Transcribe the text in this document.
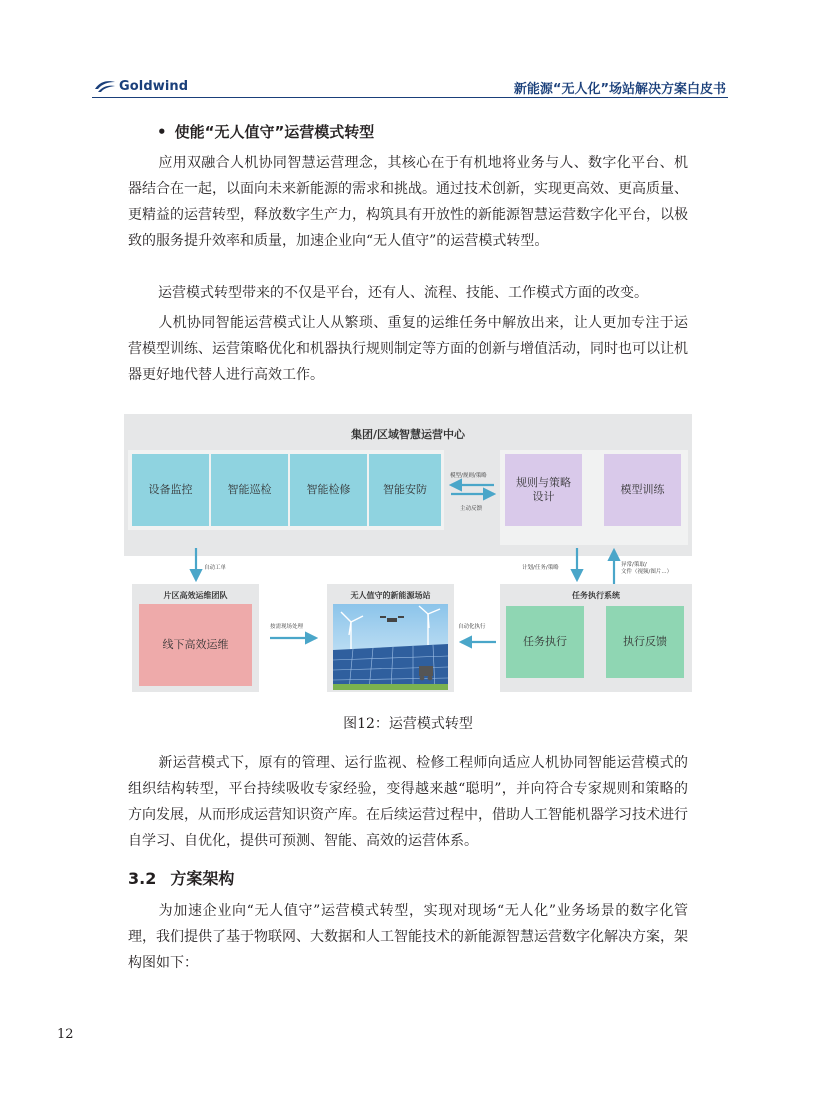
Goldwind	新能源“无人化”场站解决方案白皮书
• 使能“无人值守”运营模式转型

应用双融合人机协同智慧运营理念，其核心在于有机地将业务与人、数字化平台、机器结合在一起，以面向未来新能源的需求和挑战。通过技术创新，实现更高效、更高质量、更精益的运营转型，释放数字生产力，构筑具有开放性的新能源智慧运营数字化平台，以极致的服务提升效率和质量，加速企业向“无人值守”的运营模式转型。

运营模式转型带来的不仅是平台，还有人、流程、技能、工作模式方面的改变。

人机协同智能运营模式让人从繁琐、重复的运维任务中解放出来，让人更加专注于运营模型训练、运营策略优化和机器执行规则制定等方面的创新与增值活动，同时也可以让机器更好地代替人进行高效工作。

集团/区域智慧运营中心
设备监控	智能巡检	智能检修	智能安防
规则与策略设计
模型训练
模型/规则/策略
主动反馈
片区高效运维团队
线下高效运维
无人值守的新能源场站	任务执行系统
任务执行	执行反馈
自动工单	计划/任务/策略	异常/策取/
文件（视频/图片...）
按需现场处理	自动化执行
图12：运营模式转型

新运营模式下，原有的管理、运行监视、检修工程师向适应人机协同智能运营模式的组织结构转型，平台持续吸收专家经验，变得越来越“聪明”，并向符合专家规则和策略的方向发展，从而形成运营知识资产库。在后续运营过程中，借助人工智能机器学习技术进行自学习、自优化，提供可预测、智能、高效的运营体系。

3.2 方案架构

为加速企业向“无人值守”运营模式转型，实现对现场“无人化”业务场景的数字化管理，我们提供了基于物联网、大数据和人工智能技术的新能源智慧运营数字化解决方案，架构图如下：

12
